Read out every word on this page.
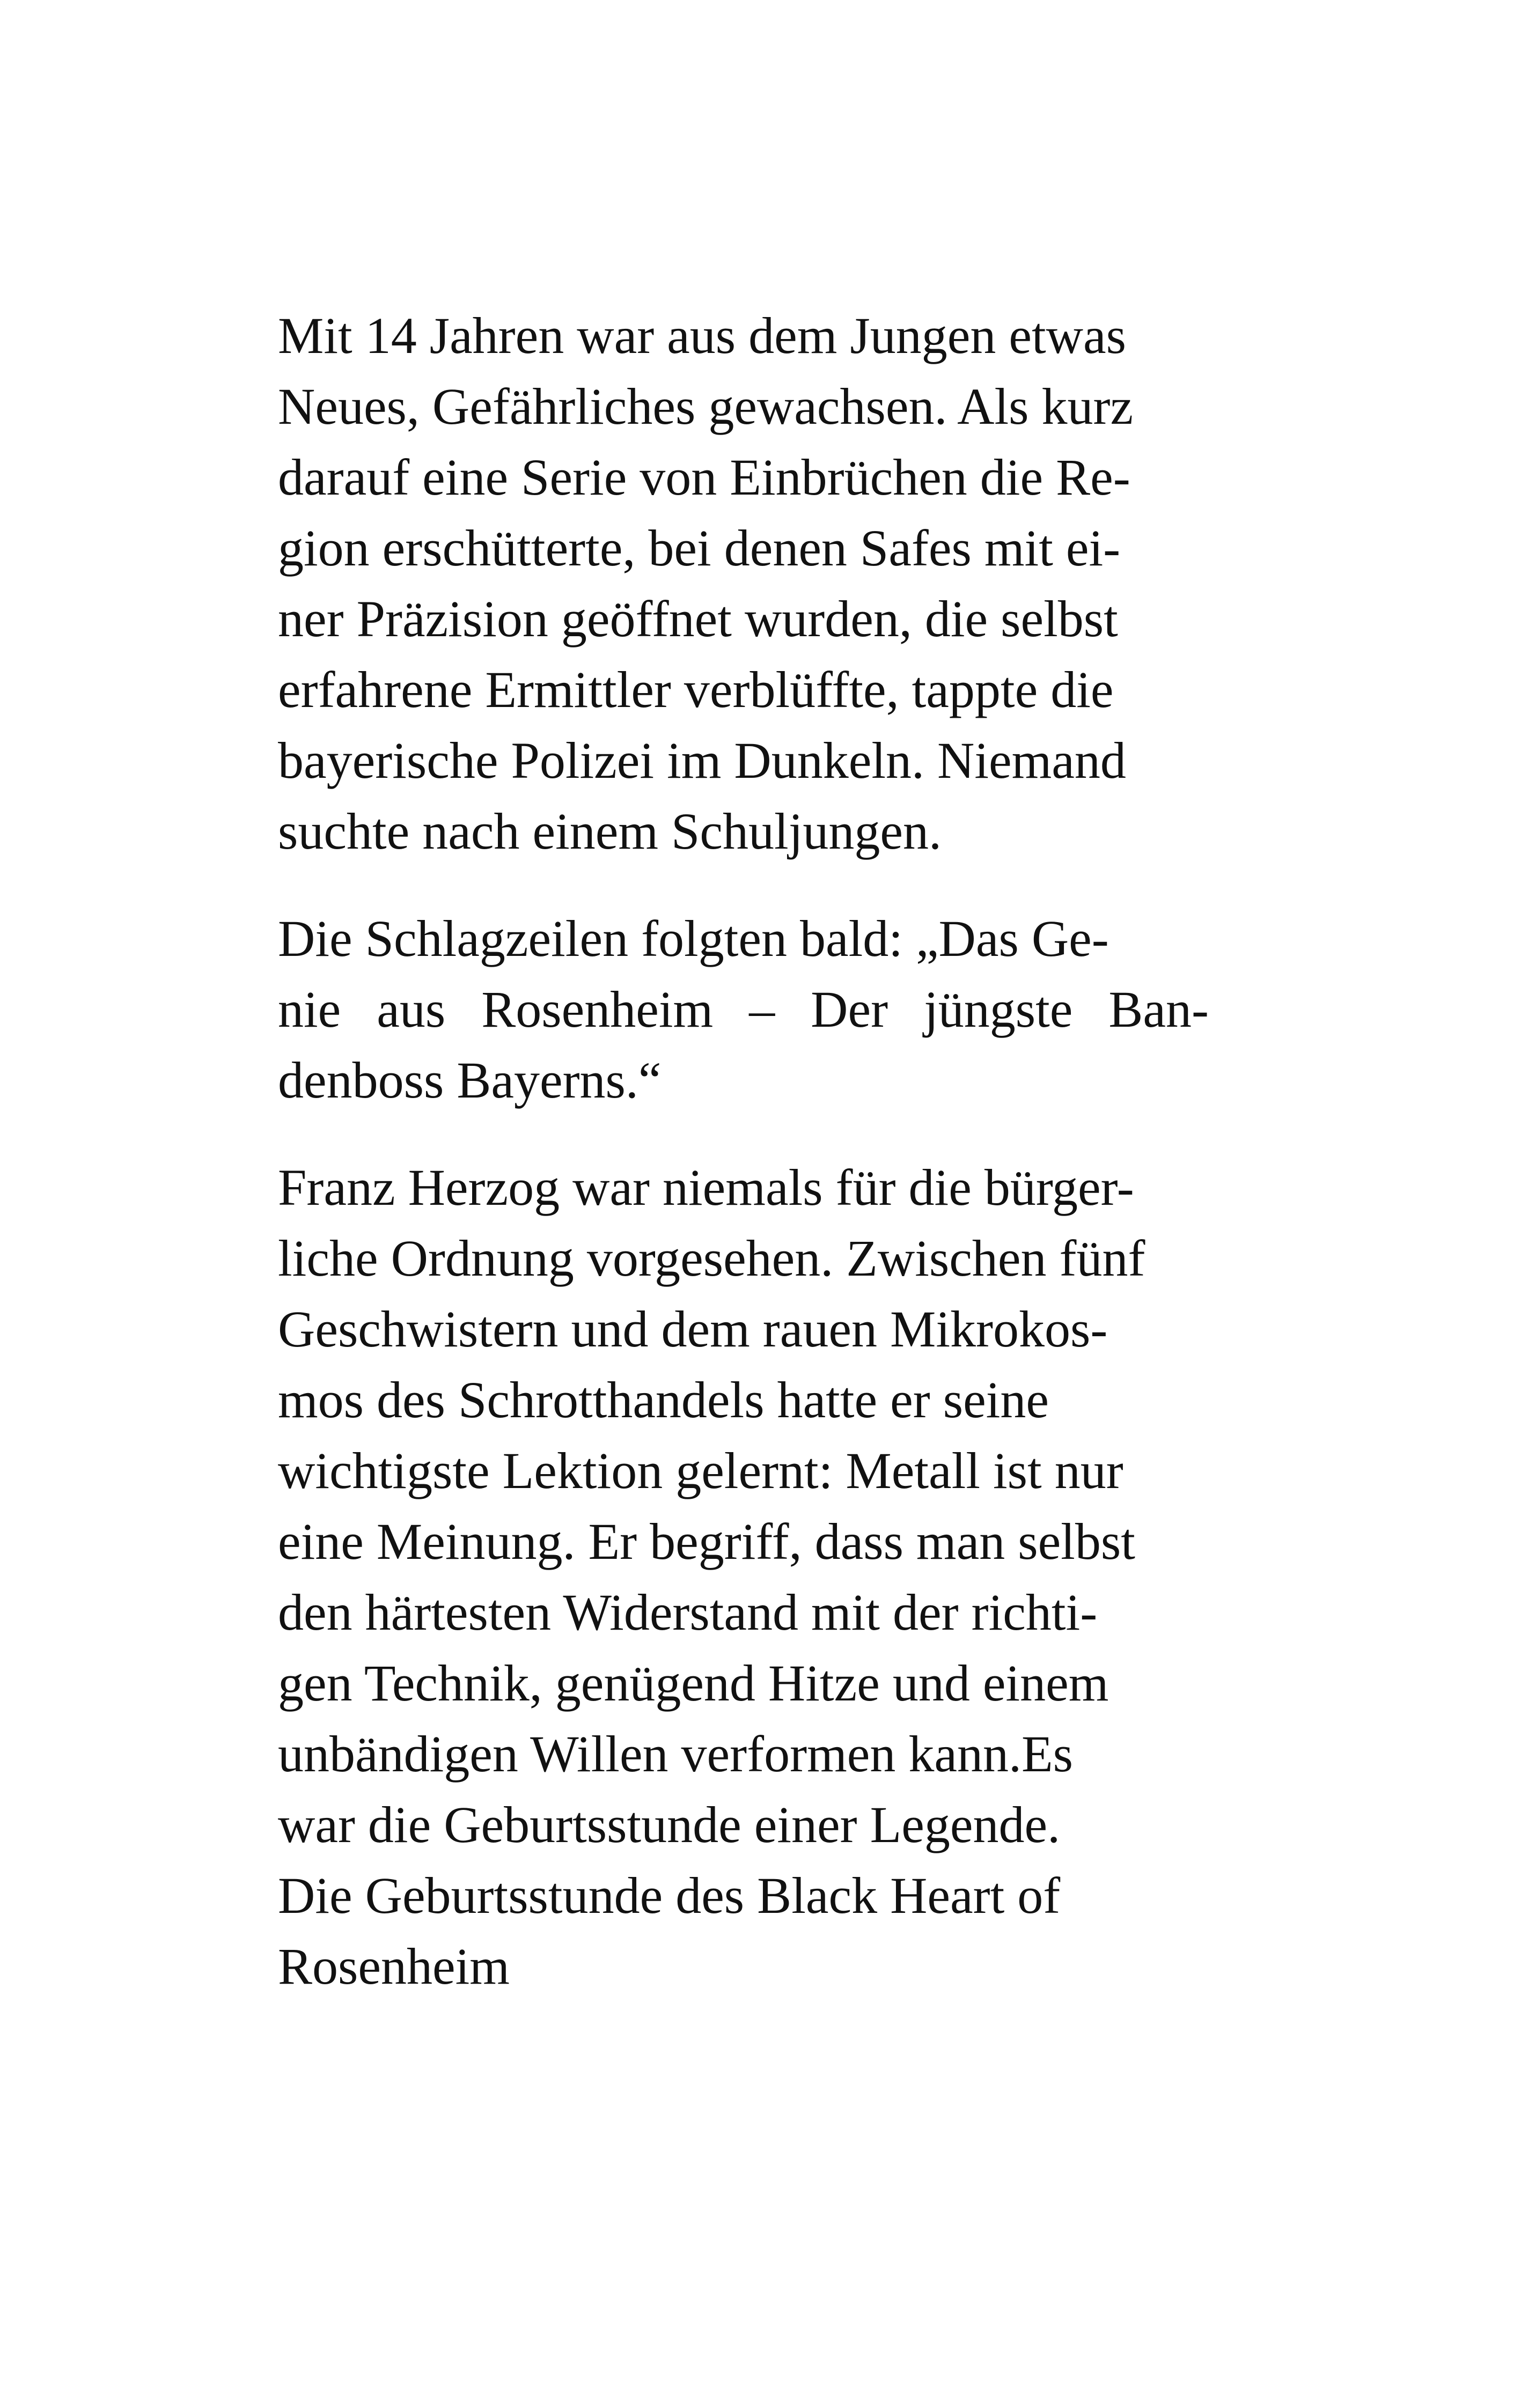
Mit 14 Jahren war aus dem Jungen etwas
Neues, Gefährliches gewachsen. Als kurz
darauf eine Serie von Einbrüchen die Re-
gion erschütterte, bei denen Safes mit ei-
ner Präzision geöffnet wurden, die selbst
erfahrene Ermittler verblüffte, tappte die
bayerische Polizei im Dunkeln. Niemand
suchte nach einem Schuljungen.
Die Schlagzeilen folgten bald: „Das Ge-
nie aus Rosenheim – Der jüngste Ban-
denboss Bayerns.“
Franz Herzog war niemals für die bürger-
liche Ordnung vorgesehen. Zwischen fünf
Geschwistern und dem rauen Mikrokos-
mos des Schrotthandels hatte er seine
wichtigste Lektion gelernt: Metall ist nur
eine Meinung. Er begriff, dass man selbst
den härtesten Widerstand mit der richti-
gen Technik, genügend Hitze und einem
unbändigen Willen verformen kann.Es
war die Geburtsstunde einer Legende.
Die Geburtsstunde des Black Heart of
Rosenheim
